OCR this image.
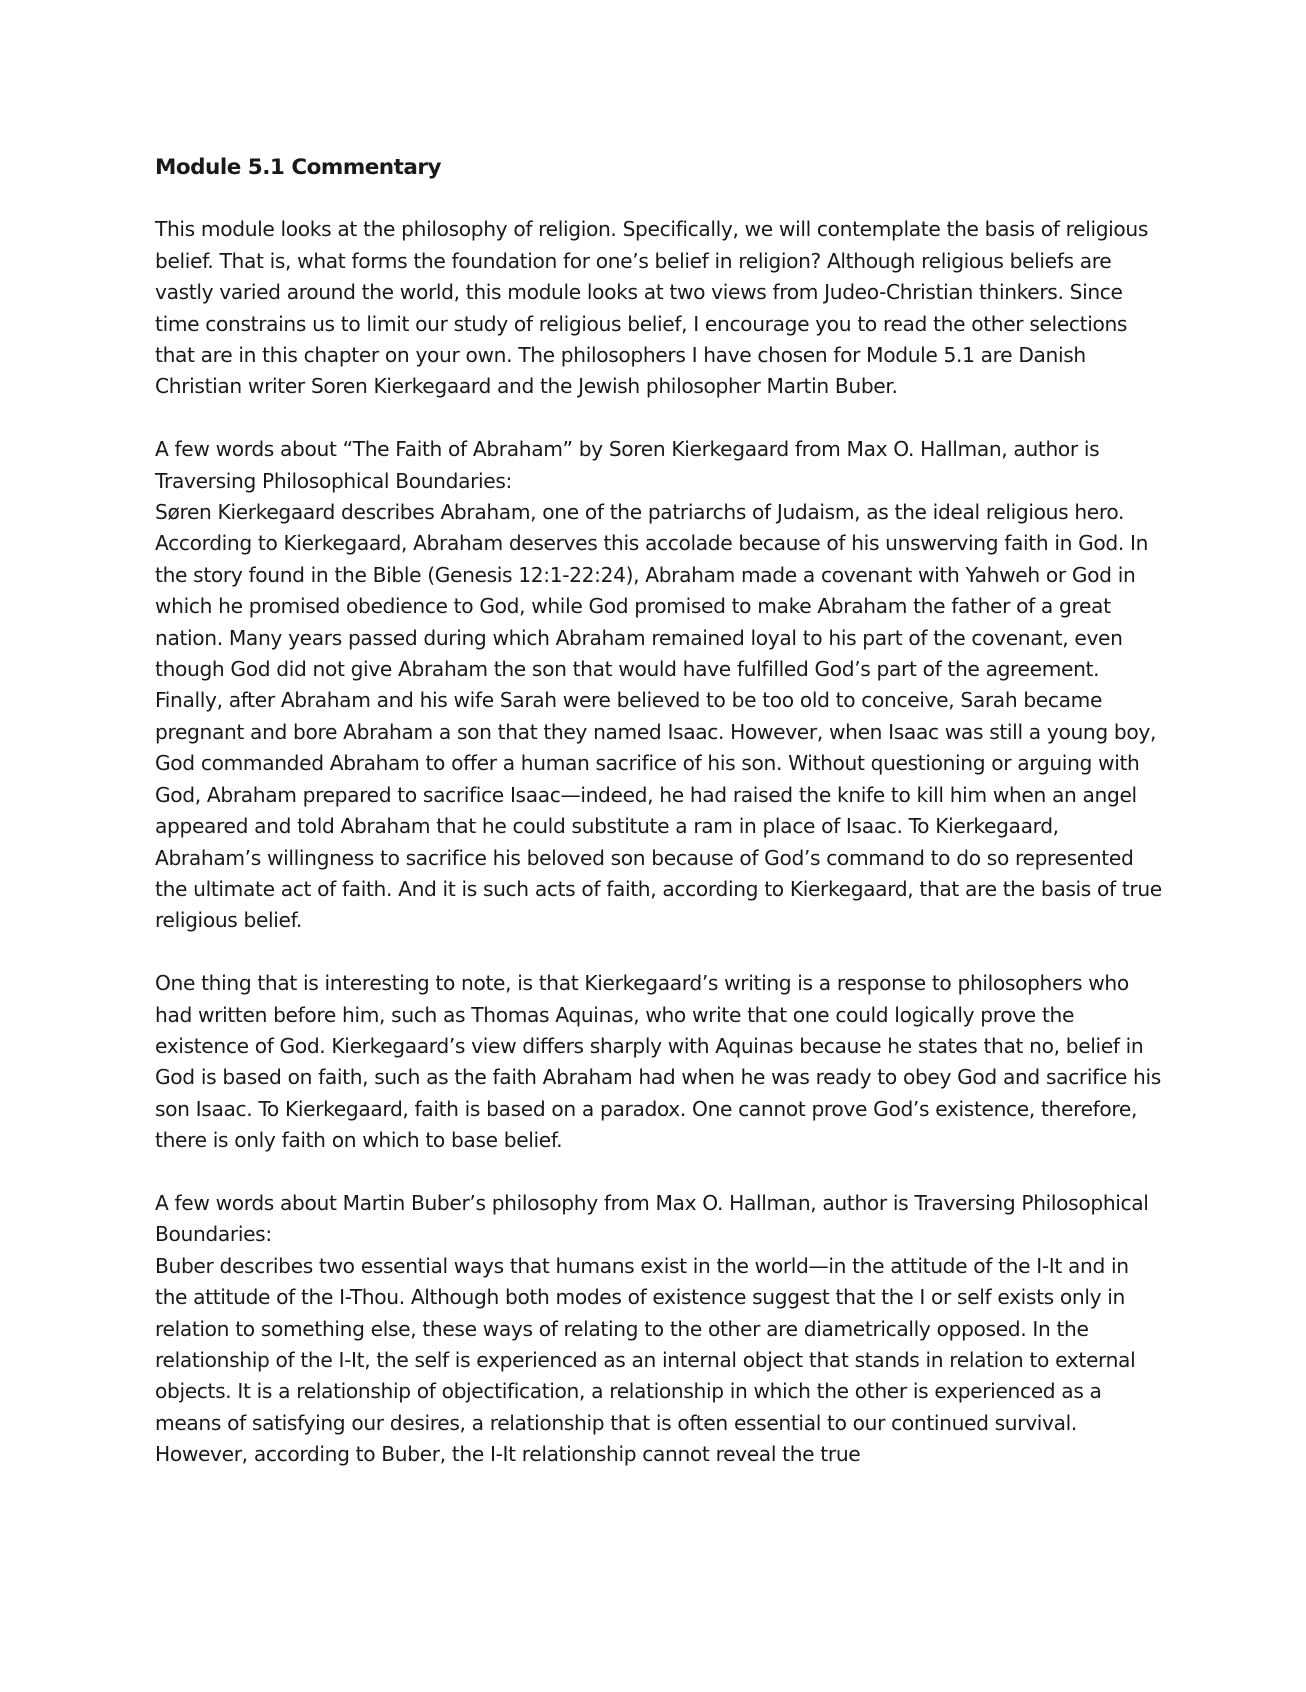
Module 5.1 Commentary

This module looks at the philosophy of religion. Specifically, we will contemplate the basis of religious belief. That is, what forms the foundation for one’s belief in religion? Although religious beliefs are vastly varied around the world, this module looks at two views from Judeo-Christian thinkers. Since time constrains us to limit our study of religious belief, I encourage you to read the other selections that are in this chapter on your own. The philosophers I have chosen for Module 5.1 are Danish Christian writer Soren Kierkegaard and the Jewish philosopher Martin Buber.

A few words about “The Faith of Abraham” by Soren Kierkegaard from Max O. Hallman, author is Traversing Philosophical Boundaries:

Søren Kierkegaard describes Abraham, one of the patriarchs of Judaism, as the ideal religious hero. According to Kierkegaard, Abraham deserves this accolade because of his unswerving faith in God. In the story found in the Bible (Genesis 12:1-22:24), Abraham made a covenant with Yahweh or God in which he promised obedience to God, while God promised to make Abraham the father of a great nation. Many years passed during which Abraham remained loyal to his part of the covenant, even though God did not give Abraham the son that would have fulfilled God’s part of the agreement. Finally, after Abraham and his wife Sarah were believed to be too old to conceive, Sarah became pregnant and bore Abraham a son that they named Isaac. However, when Isaac was still a young boy, God commanded Abraham to offer a human sacrifice of his son. Without questioning or arguing with God, Abraham prepared to sacrifice Isaac—indeed, he had raised the knife to kill him when an angel appeared and told Abraham that he could substitute a ram in place of Isaac. To Kierkegaard, Abraham’s willingness to sacrifice his beloved son because of God’s command to do so represented the ultimate act of faith. And it is such acts of faith, according to Kierkegaard, that are the basis of true religious belief.

One thing that is interesting to note, is that Kierkegaard’s writing is a response to philosophers who had written before him, such as Thomas Aquinas, who write that one could logically prove the existence of God. Kierkegaard’s view differs sharply with Aquinas because he states that no, belief in God is based on faith, such as the faith Abraham had when he was ready to obey God and sacrifice his son Isaac. To Kierkegaard, faith is based on a paradox. One cannot prove God’s existence, therefore, there is only faith on which to base belief.

A few words about Martin Buber’s philosophy from Max O. Hallman, author is Traversing Philosophical Boundaries:

Buber describes two essential ways that humans exist in the world—in the attitude of the I-It and in the attitude of the I-Thou. Although both modes of existence suggest that the I or self exists only in relation to something else, these ways of relating to the other are diametrically opposed. In the relationship of the I-It, the self is experienced as an internal object that stands in relation to external objects. It is a relationship of objectification, a relationship in which the other is experienced as a means of satisfying our desires, a relationship that is often essential to our continued survival. However, according to Buber, the I-It relationship cannot reveal the true
